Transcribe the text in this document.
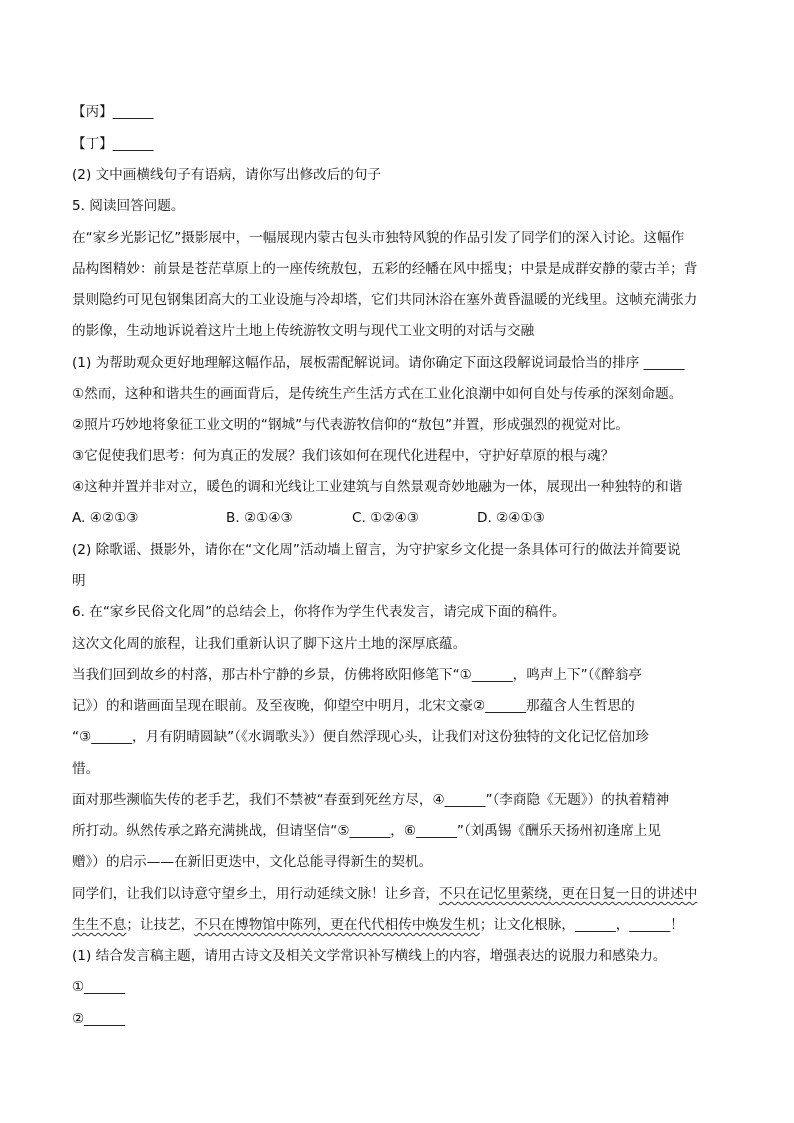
【丙】______
【丁】______
(2) 文中画横线句子有语病，请你写出修改后的句子
5. 阅读回答问题。
在“家乡光影记忆”摄影展中，一幅展现内蒙古包头市独特风貌的作品引发了同学们的深入讨论。这幅作
品构图精妙：前景是苍茫草原上的一座传统敖包，五彩的经幡在风中摇曳；中景是成群安静的蒙古羊；背
景则隐约可见包钢集团高大的工业设施与冷却塔，它们共同沐浴在塞外黄昏温暖的光线里。这帧充满张力
的影像，生动地诉说着这片土地上传统游牧文明与现代工业文明的对话与交融
(1) 为帮助观众更好地理解这幅作品，展板需配解说词。请你确定下面这段解说词最恰当的排序 ______
①然而，这种和谐共生的画面背后，是传统生产生活方式在工业化浪潮中如何自处与传承的深刻命题。
②照片巧妙地将象征工业文明的“钢城”与代表游牧信仰的“敖包”并置，形成强烈的视觉对比。
③它促使我们思考：何为真正的发展？我们该如何在现代化进程中，守护好草原的根与魂？
④这种并置并非对立，暖色的调和光线让工业建筑与自然景观奇妙地融为一体，展现出一种独特的和谐
A. ④②①③	B. ②①④③	C. ①②④③	D. ②④①③
(2) 除歌谣、摄影外，请你在“文化周”活动墙上留言，为守护家乡文化提一条具体可行的做法并简要说
明
6. 在“家乡民俗文化周”的总结会上，你将作为学生代表发言，请完成下面的稿件。
这次文化周的旅程，让我们重新认识了脚下这片土地的深厚底蕴。
当我们回到故乡的村落，那古朴宁静的乡景，仿佛将欧阳修笔下“①______，鸣声上下”（《醉翁亭
记》）的和谐画面呈现在眼前。及至夜晚，仰望空中明月，北宋文豪②______那蕴含人生哲思的
“③______，月有阴晴圆缺”（《水调歌头》）便自然浮现心头，让我们对这份独特的文化记忆倍加珍
惜。
面对那些濒临失传的老手艺，我们不禁被“春蚕到死丝方尽，④______”（李商隐《无题》）的执着精神
所打动。纵然传承之路充满挑战，但请坚信“⑤______，⑥______”（刘禹锡《酬乐天扬州初逢席上见
赠》）的启示——在新旧更迭中，文化总能寻得新生的契机。
同学们，让我们以诗意守望乡土，用行动延续文脉！让乡音，不只在记忆里萦绕，更在日复一日的讲述中
生生不息；让技艺，不只在博物馆中陈列，更在代代相传中焕发生机；让文化根脉，______，______！
(1) 结合发言稿主题，请用古诗文及相关文学常识补写横线上的内容，增强表达的说服力和感染力。
①______
②______
